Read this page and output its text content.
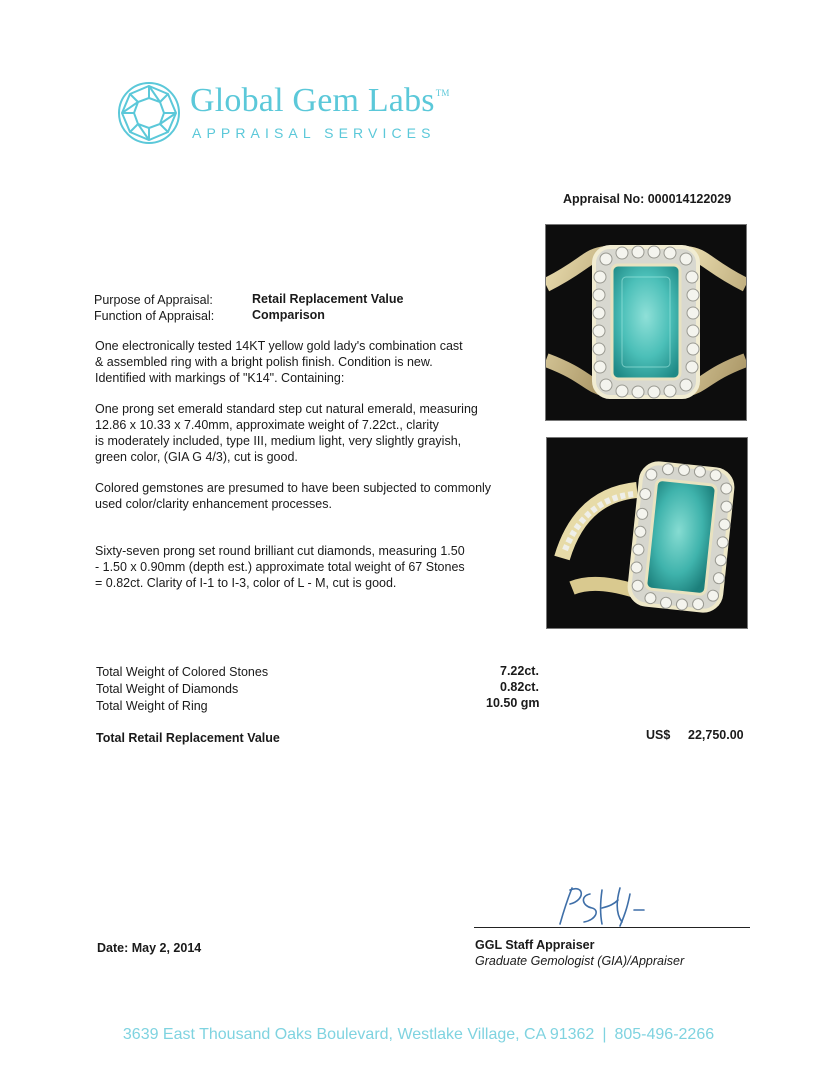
Global Gem Labs™
APPRAISAL SERVICES
Appraisal No: 000014122029
Purpose of Appraisal:	Retail Replacement Value
Function of Appraisal:	Comparison
One electronically tested 14KT yellow gold lady's combination cast
& assembled ring with a bright polish finish. Condition is new.
Identified with markings of "K14". Containing:
One prong set emerald standard step cut natural emerald, measuring
12.86 x 10.33 x 7.40mm, approximate weight of 7.22ct., clarity
is moderately included, type III, medium light, very slightly grayish,
green color, (GIA G 4/3), cut is good.
Colored gemstones are presumed to have been subjected to commonly
used color/clarity enhancement processes.
Sixty-seven prong set round brilliant cut diamonds, measuring 1.50
- 1.50 x 0.90mm (depth est.) approximate total weight of 67 Stones
= 0.82ct. Clarity of I-1 to I-3, color of L - M, cut is good.
Total Weight of Colored Stones	7.22ct.
Total Weight of Diamonds	0.82ct.
Total Weight of Ring	10.50 gm
Total Retail Replacement Value	US$ 22,750.00
Date: May 2, 2014	GGL Staff Appraiser
Graduate Gemologist (GIA)/Appraiser
3639 East Thousand Oaks Boulevard, Westlake Village, CA 91362 | 805-496-2266
